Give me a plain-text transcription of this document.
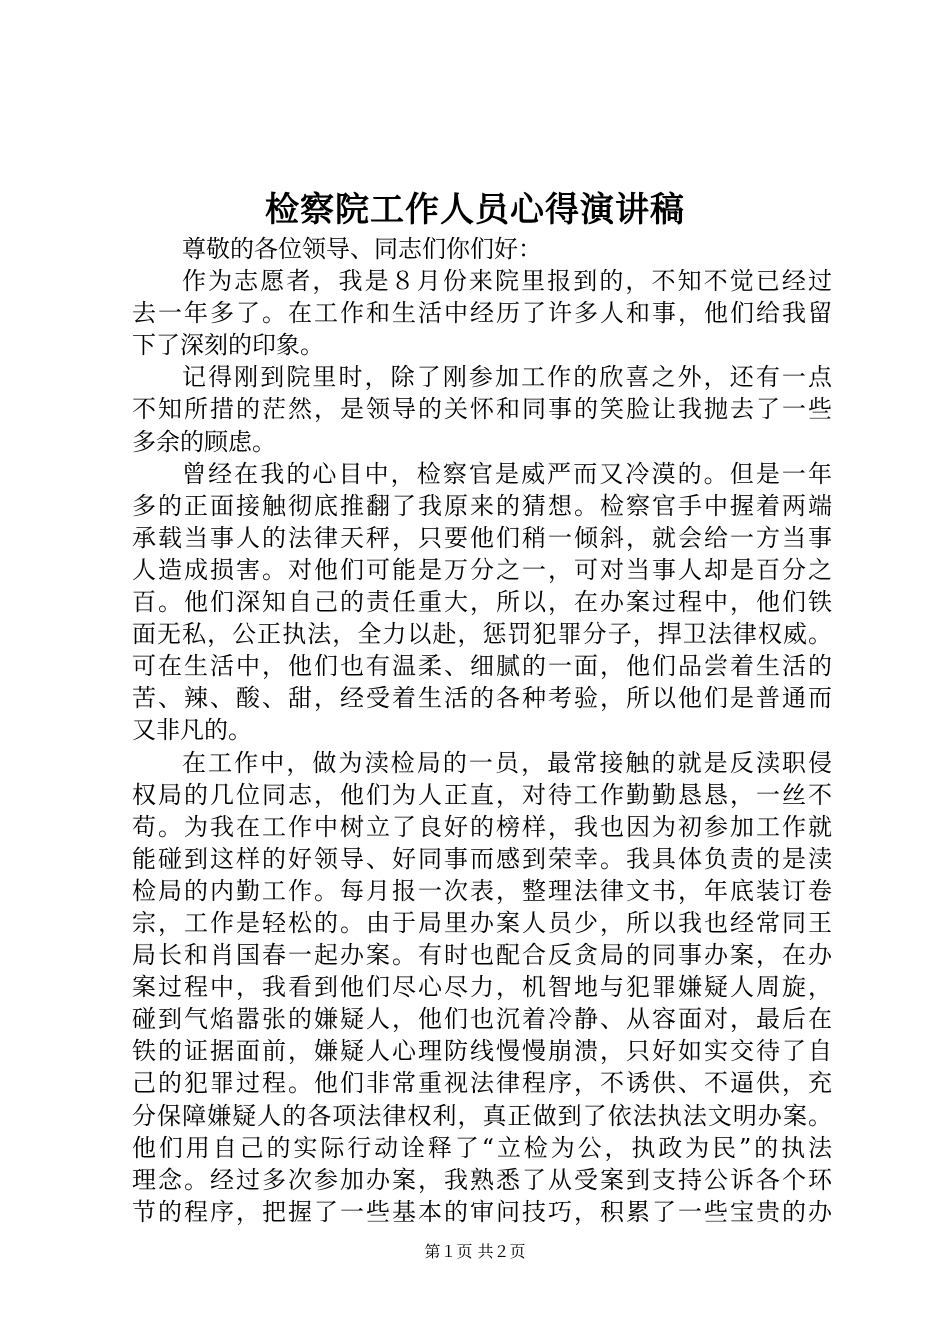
检察院工作人员心得演讲稿
尊敬的各位领导、同志们你们好：
作为志愿者，我是８月份来院里报到的，不知不觉已经过
去一年多了。在工作和生活中经历了许多人和事，他们给我留
下了深刻的印象。
记得刚到院里时，除了刚参加工作的欣喜之外，还有一点
不知所措的茫然，是领导的关怀和同事的笑脸让我抛去了一些
多余的顾虑。
曾经在我的心目中，检察官是威严而又冷漠的。但是一年
多的正面接触彻底推翻了我原来的猜想。检察官手中握着两端
承载当事人的法律天秤，只要他们稍一倾斜，就会给一方当事
人造成损害。对他们可能是万分之一，可对当事人却是百分之
百。他们深知自己的责任重大，所以，在办案过程中，他们铁
面无私，公正执法，全力以赴，惩罚犯罪分子，捍卫法律权威。
可在生活中，他们也有温柔、细腻的一面，他们品尝着生活的
苦、辣、酸、甜，经受着生活的各种考验，所以他们是普通而
又非凡的。
在工作中，做为渎检局的一员，最常接触的就是反渎职侵
权局的几位同志，他们为人正直，对待工作勤勤恳恳，一丝不
苟。为我在工作中树立了良好的榜样，我也因为初参加工作就
能碰到这样的好领导、好同事而感到荣幸。我具体负责的是渎
检局的内勤工作。每月报一次表，整理法律文书，年底装订卷
宗，工作是轻松的。由于局里办案人员少，所以我也经常同王
局长和肖国春一起办案。有时也配合反贪局的同事办案，在办
案过程中，我看到他们尽心尽力，机智地与犯罪嫌疑人周旋，
碰到气焰嚣张的嫌疑人，他们也沉着冷静、从容面对，最后在
铁的证据面前，嫌疑人心理防线慢慢崩溃，只好如实交待了自
己的犯罪过程。他们非常重视法律程序，不诱供、不逼供，充
分保障嫌疑人的各项法律权利，真正做到了依法执法文明办案。
他们用自己的实际行动诠释了“立检为公，执政为民”的执法
理念。经过多次参加办案，我熟悉了从受案到支持公诉各个环
节的程序，把握了一些基本的审问技巧，积累了一些宝贵的办
第１页 共２页
